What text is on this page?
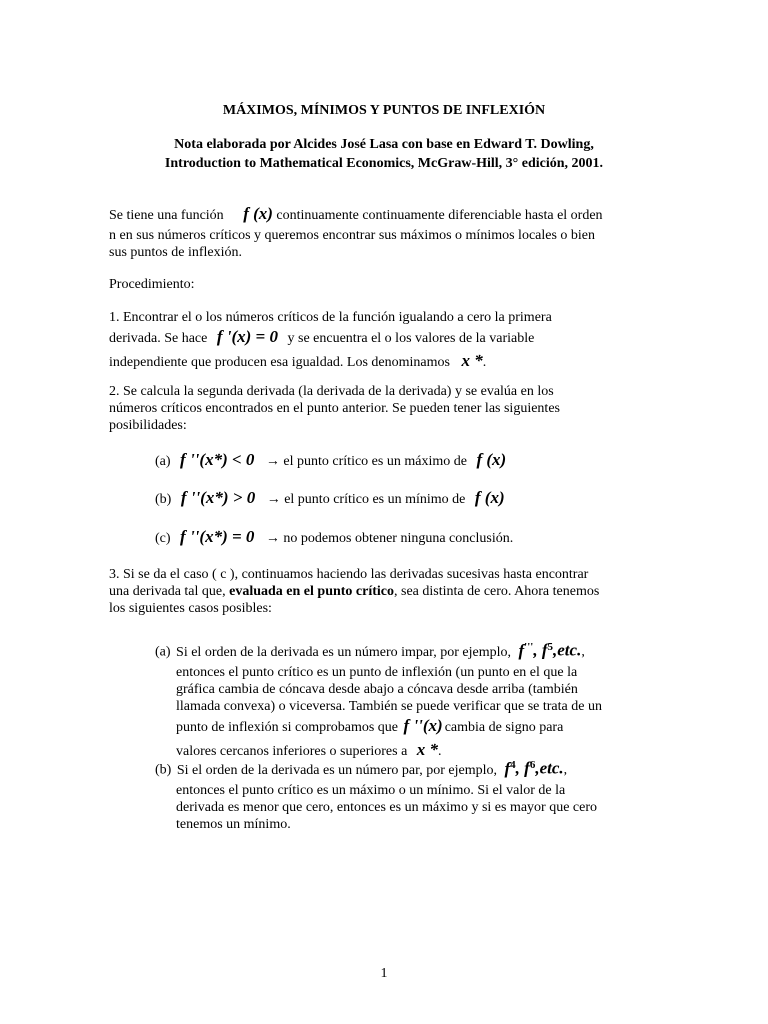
MÁXIMOS, MÍNIMOS Y PUNTOS DE INFLEXIÓN
Nota elaborada por Alcides José Lasa con base en Edward T. Dowling,
Introduction to Mathematical Economics, McGraw-Hill, 3° edición, 2001.
Se tiene una función f (x) continuamente continuamente diferenciable hasta el orden
n en sus números críticos y queremos encontrar sus máximos o mínimos locales o bien
sus puntos de inflexión.
Procedimiento:
1. Encontrar el o los números críticos de la función igualando a cero la primera
derivada. Se hace f '(x) = 0 y se encuentra el o los valores de la variable
independiente que producen esa igualdad. Los denominamos x *.
2. Se calcula la segunda derivada (la derivada de la derivada) y se evalúa en los
números críticos encontrados en el punto anterior. Se pueden tener las siguientes
posibilidades:
(a) f ''(x*) < 0 → el punto crítico es un máximo de f (x)
(b) f ''(x*) > 0 → el punto crítico es un mínimo de f (x)
(c) f ''(x*) = 0 → no podemos obtener ninguna conclusión.
3. Si se da el caso ( c ), continuamos haciendo las derivadas sucesivas hasta encontrar
una derivada tal que, evaluada en el punto crítico, sea distinta de cero. Ahora tenemos
los siguientes casos posibles:
(a) Si el orden de la derivada es un número impar, por ejemplo, f''', $f^5,etc$.,
entonces el punto crítico es un punto de inflexión (un punto en el que la
gráfica cambia de cóncava desde abajo a cóncava desde arriba (también
llamada convexa) o viceversa. También se puede verificar que se trata de un
punto de inflexión si comprobamos que f ''(x) cambia de signo para
valores cercanos inferiores o superiores a x *.
(b) Si el orden de la derivada es un número par, por ejemplo, $f^4$, $f^6,etc$.,
entonces el punto crítico es un máximo o un mínimo. Si el valor de la
derivada es menor que cero, entonces es un máximo y si es mayor que cero
tenemos un mínimo.
1
